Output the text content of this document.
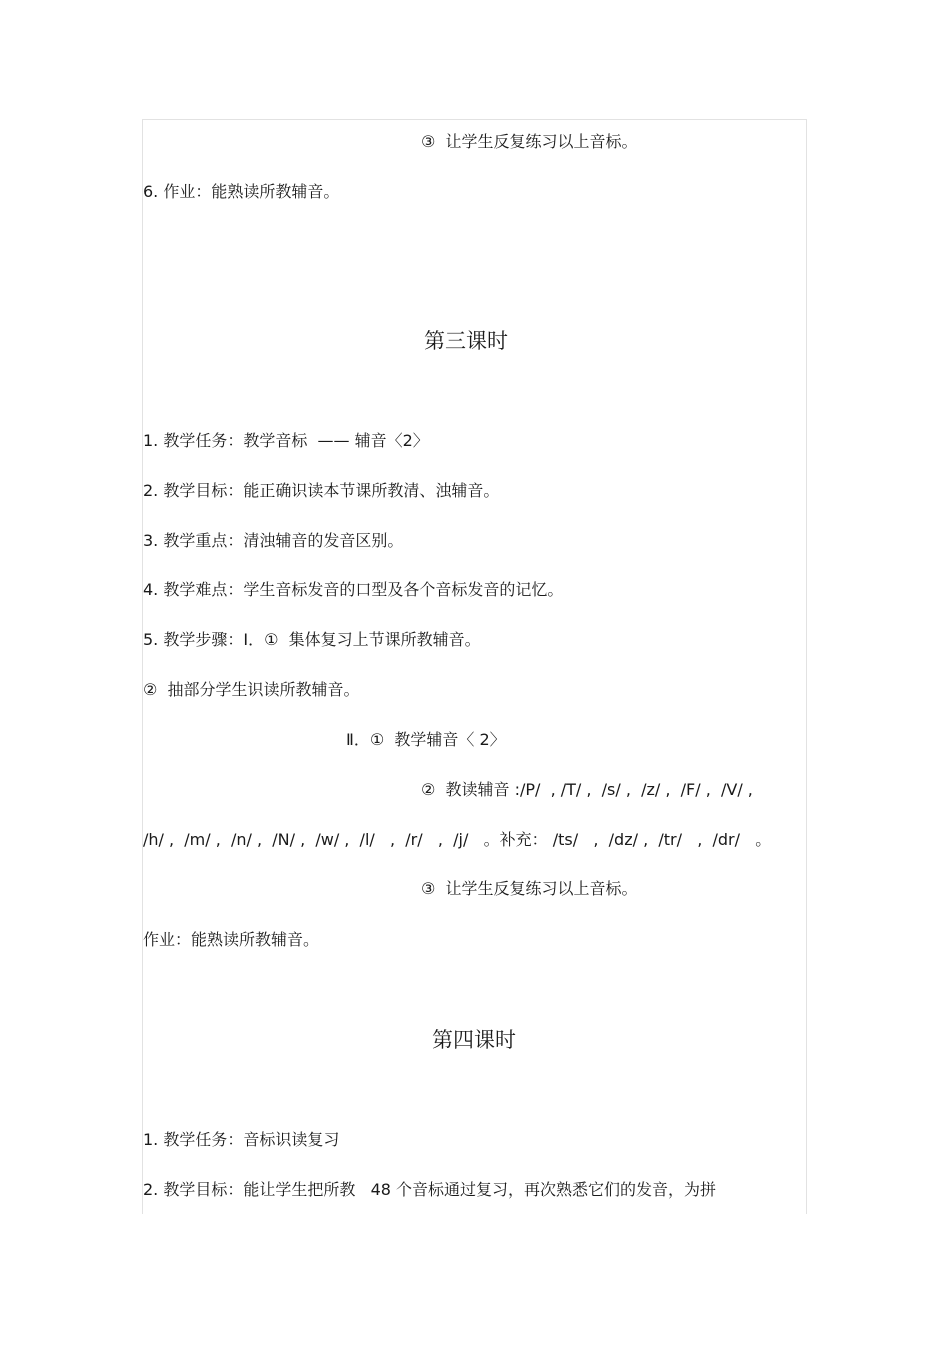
③  让学生反复练习以上音标。
6. 作业：能熟读所教辅音。
第三课时
1. 教学任务：教学音标  —— 辅音〈2〉
2. 教学目标：能正确识读本节课所教清、浊辅音。
3. 教学重点：清浊辅音的发音区别。
4. 教学难点：学生音标发音的口型及各个音标发音的记忆。
5. 教学步骤：Ⅰ．①  集体复习上节课所教辅音。
②  抽部分学生识读所教辅音。
Ⅱ．①  教学辅音〈 2〉
②  教读辅音 :/P/  , /T/ ,  /s/ ,  /z/ ,  /F/ ,  /V/ ,
/h/ ,  /m/ ,  /n/ ,  /N/ ,  /w/ ,  /l/   ,  /r/   ,  /j/   。补充： /ts/   ,  /dz/ ,  /tr/   ,  /dr/   。
③  让学生反复练习以上音标。
作业：能熟读所教辅音。
第四课时
1. 教学任务：音标识读复习
2. 教学目标：能让学生把所教   48 个音标通过复习，再次熟悉它们的发音，为拼
